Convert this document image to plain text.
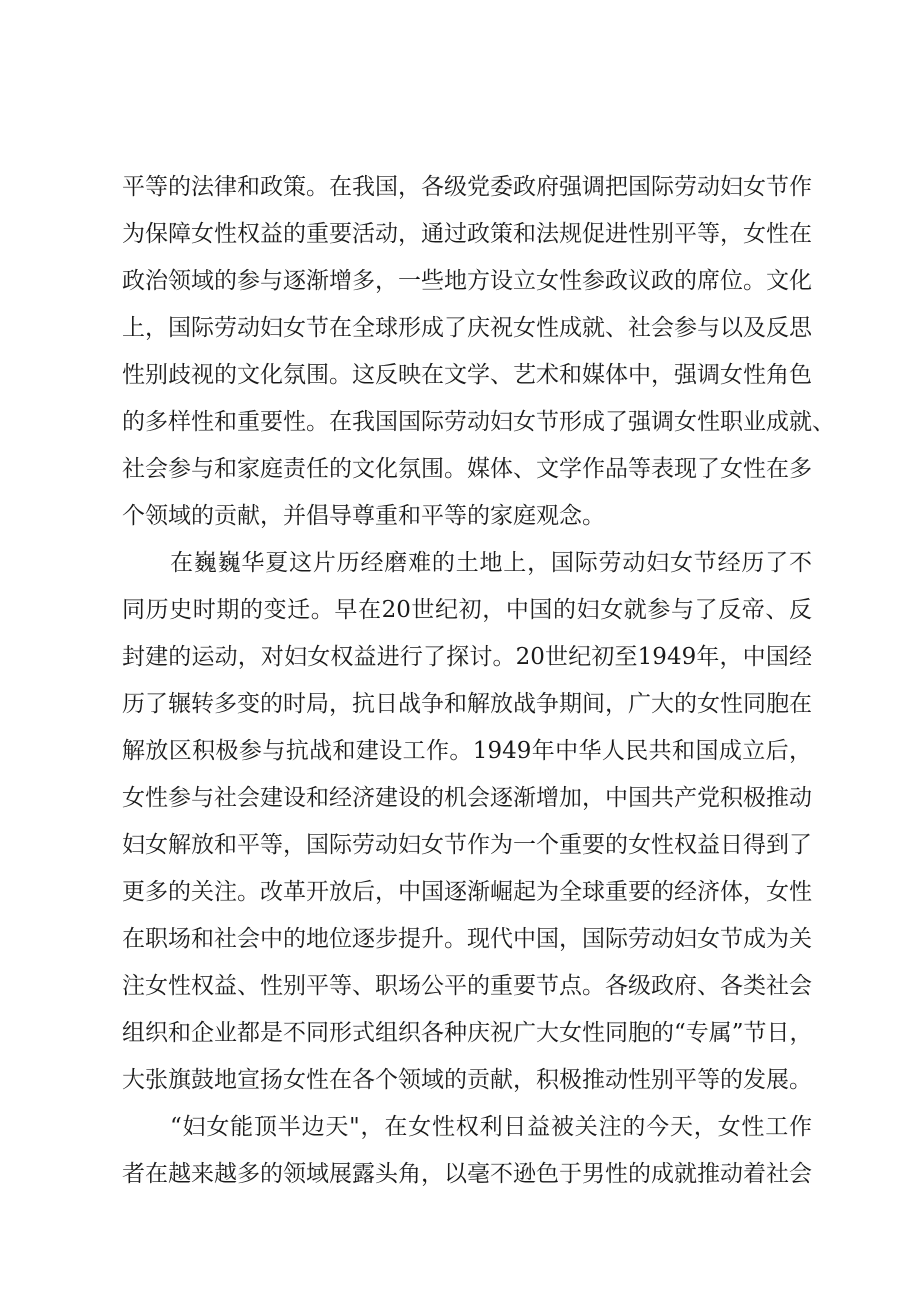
平等的法律和政策。在我国，各级党委政府强调把国际劳动妇女节作
为保障女性权益的重要活动，通过政策和法规促进性别平等，女性在
政治领域的参与逐渐增多，一些地方设立女性参政议政的席位。文化
上，国际劳动妇女节在全球形成了庆祝女性成就、社会参与以及反思
性别歧视的文化氛围。这反映在文学、艺术和媒体中，强调女性角色
的多样性和重要性。在我国国际劳动妇女节形成了强调女性职业成就、
社会参与和家庭责任的文化氛围。媒体、文学作品等表现了女性在多
个领域的贡献，并倡导尊重和平等的家庭观念。
在巍巍华夏这片历经磨难的土地上，国际劳动妇女节经历了不
同历史时期的变迁。早在20世纪初，中国的妇女就参与了反帝、反
封建的运动，对妇女权益进行了探讨。20世纪初至1949年，中国经
历了辗转多变的时局，抗日战争和解放战争期间，广大的女性同胞在
解放区积极参与抗战和建设工作。1949年中华人民共和国成立后，
女性参与社会建设和经济建设的机会逐渐增加，中国共产党积极推动
妇女解放和平等，国际劳动妇女节作为一个重要的女性权益日得到了
更多的关注。改革开放后，中国逐渐崛起为全球重要的经济体，女性
在职场和社会中的地位逐步提升。现代中国，国际劳动妇女节成为关
注女性权益、性别平等、职场公平的重要节点。各级政府、各类社会
组织和企业都是不同形式组织各种庆祝广大女性同胞的“专属”节日，
大张旗鼓地宣扬女性在各个领域的贡献，积极推动性别平等的发展。
“妇女能顶半边天"，在女性权利日益被关注的今天，女性工作
者在越来越多的领域展露头角，以毫不逊色于男性的成就推动着社会
